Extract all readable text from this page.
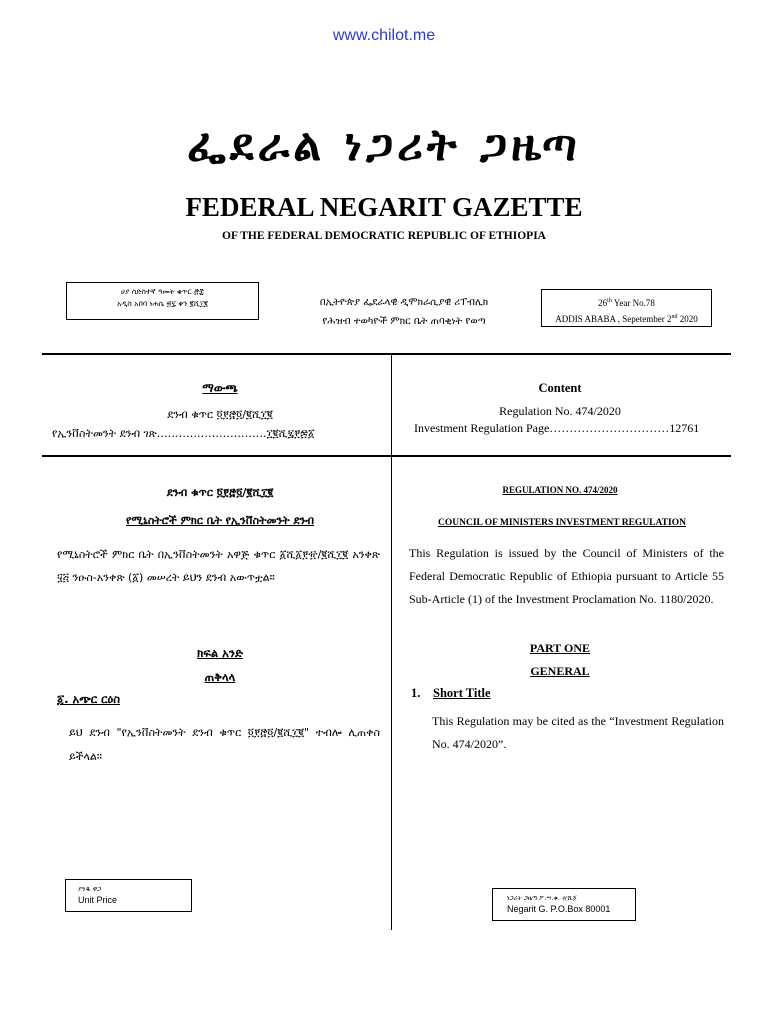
www.chilot.me
ፌደራል ነጋሪት ጋዜጣ
FEDERAL NEGARIT GAZETTE
OF THE FEDERAL DEMOCRATIC REPUBLIC OF ETHIOPIA
ሀያ ስድስተኛ ዓመት ቁጥር ፸፰
አዲስ አበባ ነሐሴ ፳፯ ቀን ፪ሺ፲፪	በኢትዮጵያ ፌደራላዊ ዲሞክራሲያዊ ሪፐብሊክ
የሕዝብ ተወካዮች ምክር ቤት ጠባቂነት የወጣ
26th Year No.78
ADDIS ABABA , Sepetember 2nd 2020
ማውጫ
ደንብ ቁጥር ፬፻፸፬/፪ሺ፲፪
የኢንቨስትመንት ደንብ ገጽ…………………………፲፪ሺ፯፻፷፩
Content
Regulation No. 474/2020
Investment Regulation Page…………………………12761
ደንብ ቁጥር ፬፻፸፬/፪ሺ፲፪
የሚኒስትሮች ምክር ቤት የኢንቨስትመንት ደንብ
የሚኒስትሮች ምክር ቤት በኢንቨስትመንት አዋጅ ቁጥር ፩ሺ፩፻፹/፪ሺ፲፪ አንቀጽ ፶፭ ንዑስ-አንቀጽ (፩) መሠረት ይህን ደንብ አውጥቷል።
ክፍል አንድ
ጠቅላላ
፩. አጭር ርዕስ
ይህ ደንብ "የኢንቨስትመንት ደንብ ቁጥር ፬፻፸፬/፪ሺ፲፪" ተብሎ ሊጠቀስ ይችላል።
REGULATION NO. 474/2020
COUNCIL OF MINISTERS INVESTMENT REGULATION
This Regulation is issued by the Council of Ministers of the Federal Democratic Republic of Ethiopia pursuant to Article 55 Sub-Article (1) of the Investment Proclamation No. 1180/2020.
PART ONE
GENERAL
1. Short Title
This Regulation may be cited as the “Investment Regulation No. 474/2020”.
ያንዱ ዋጋ
Unit Price	ነጋሪት ጋዜጣ ፖ.ሣ.ቁ. ፹ሺ፩
Negarit G. P.O.Box 80001
